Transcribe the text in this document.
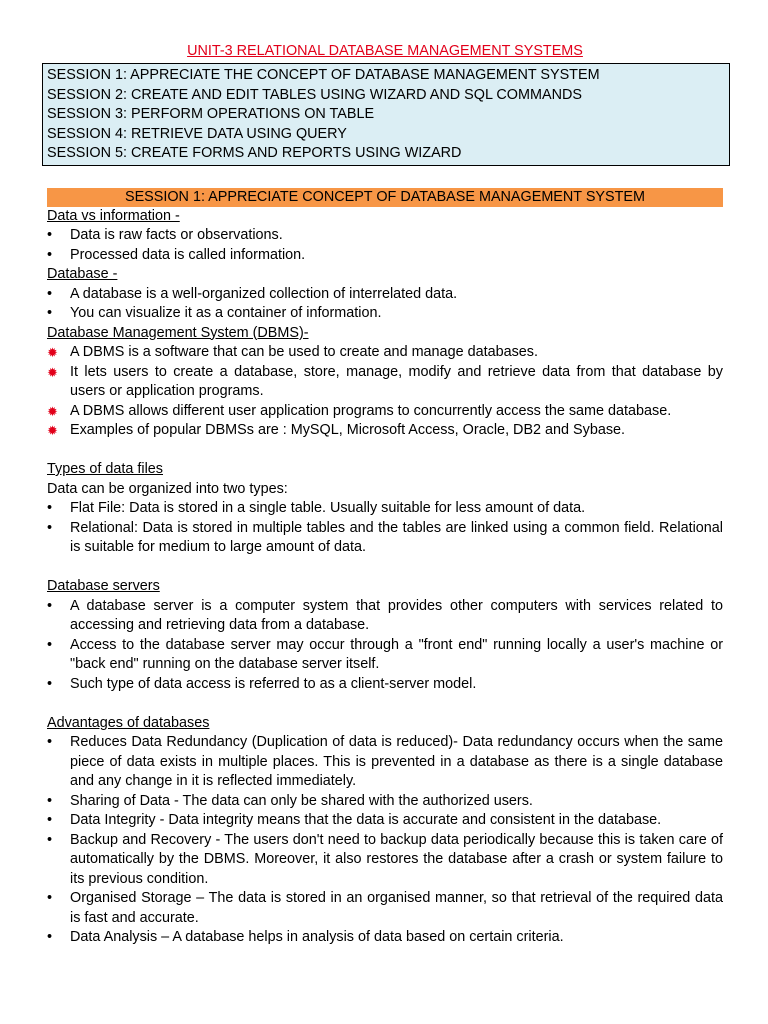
UNIT-3 RELATIONAL DATABASE MANAGEMENT SYSTEMS
SESSION 1: APPRECIATE THE CONCEPT OF DATABASE MANAGEMENT SYSTEM
SESSION 2: CREATE AND EDIT TABLES USING WIZARD AND SQL COMMANDS
SESSION 3: PERFORM OPERATIONS ON TABLE
SESSION 4: RETRIEVE DATA USING QUERY
SESSION 5: CREATE FORMS AND REPORTS USING WIZARD
SESSION 1: APPRECIATE CONCEPT OF DATABASE MANAGEMENT SYSTEM
Data vs information -
•	Data is raw facts or observations.
•	Processed data is called information.
Database -
•	A database is a well-organized collection of interrelated data.
•	You can visualize it as a container of information.
Database Management System (DBMS)-
✹ A DBMS is a software that can be used to create and manage databases.
✹ It lets users to create a database, store, manage, modify and retrieve data from that database by users or application programs.
✹ A DBMS allows different user application programs to concurrently access the same database.
✹ Examples of popular DBMSs are : MySQL, Microsoft Access, Oracle, DB2 and Sybase.
Types of data files
Data can be organized into two types:
•	Flat File: Data is stored in a single table. Usually suitable for less amount of data.
•	Relational: Data is stored in multiple tables and the tables are linked using a common field. Relational is suitable for medium to large amount of data.
Database servers
•	A database server is a computer system that provides other computers with services related to accessing and retrieving data from a database.
•	Access to the database server may occur through a "front end" running locally a user's machine or "back end" running on the database server itself.
•	Such type of data access is referred to as a client-server model.
Advantages of databases
•	Reduces Data Redundancy (Duplication of data is reduced)- Data redundancy occurs when the same piece of data exists in multiple places. This is prevented in a database as there is a single database and any change in it is reflected immediately.
•	Sharing of Data - The data can only be shared with the authorized users.
•	Data Integrity - Data integrity means that the data is accurate and consistent in the database.
•	Backup and Recovery - The users don't need to backup data periodically because this is taken care of automatically by the DBMS. Moreover, it also restores the database after a crash or system failure to its previous condition.
•	Organised Storage – The data is stored in an organised manner, so that retrieval of the required data is fast and accurate.
•	Data Analysis – A database helps in analysis of data based on certain criteria.
